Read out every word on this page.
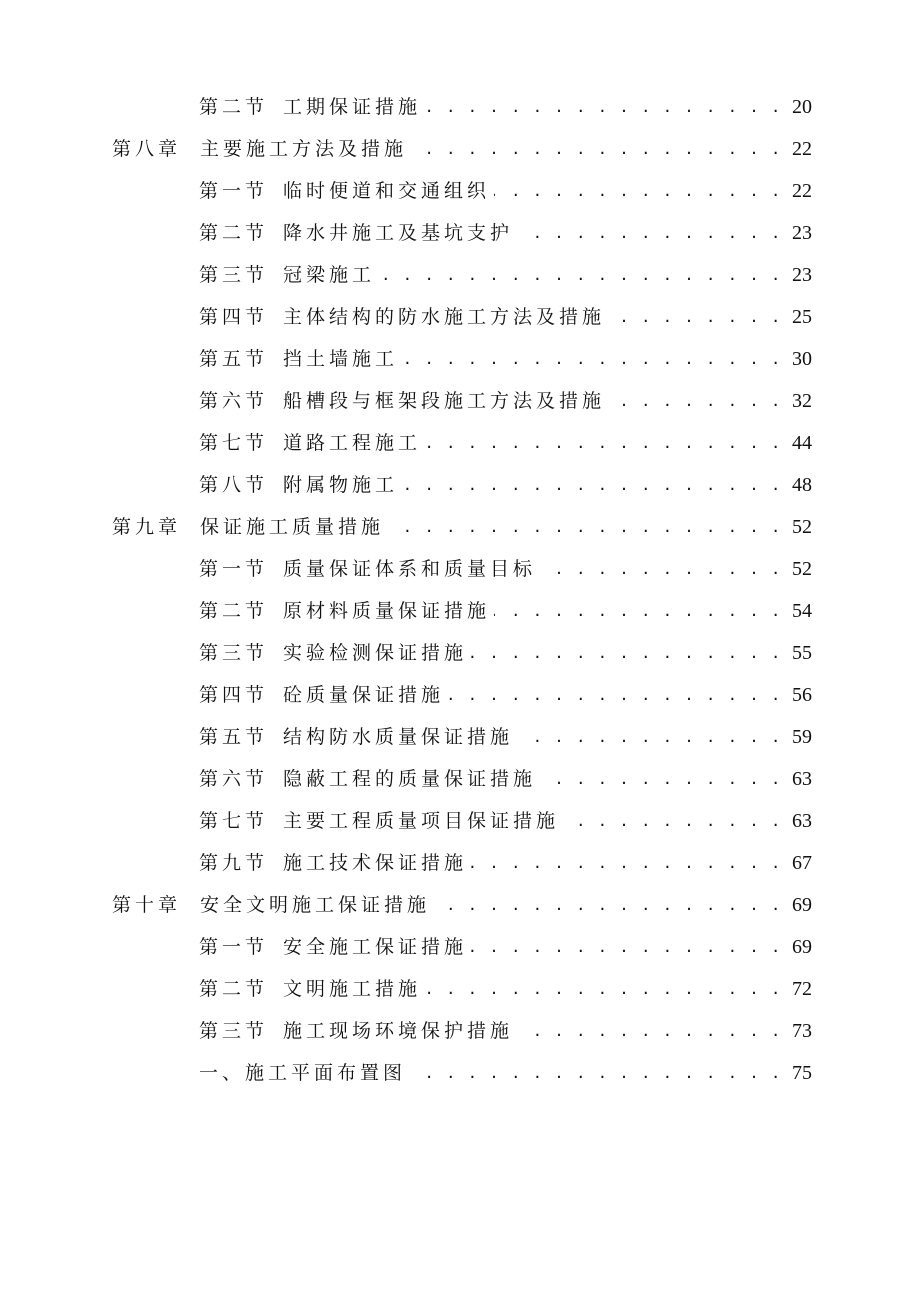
第二节 工期保证措施 . . .	20
第八章 主要施工方法及措施 . . .	22
第一节 临时便道和交通组织 . . .	22
第二节 降水井施工及基坑支护 . . .	23
第三节 冠梁施工 . . .	23
第四节 主体结构的防水施工方法及措施 . . .	25
第五节 挡土墙施工 . . .	30
第六节 船槽段与框架段施工方法及措施 . . .	32
第七节 道路工程施工 . . .	44
第八节 附属物施工 . . .	48
第九章 保证施工质量措施 . . .	52
第一节 质量保证体系和质量目标 . . .	52
第二节 原材料质量保证措施 . . .	54
第三节 实验检测保证措施 . . .	55
第四节 砼质量保证措施 . . .	56
第五节 结构防水质量保证措施 . . .	59
第六节 隐蔽工程的质量保证措施 . . .	63
第七节 主要工程质量项目保证措施 . . .	63
第九节 施工技术保证措施 . . .	67
第十章 安全文明施工保证措施 . . .	69
第一节 安全施工保证措施 . . .	69
第二节 文明施工措施 . . .	72
第三节 施工现场环境保护措施 . . .	73
一、施工平面布置图 . . .	75
